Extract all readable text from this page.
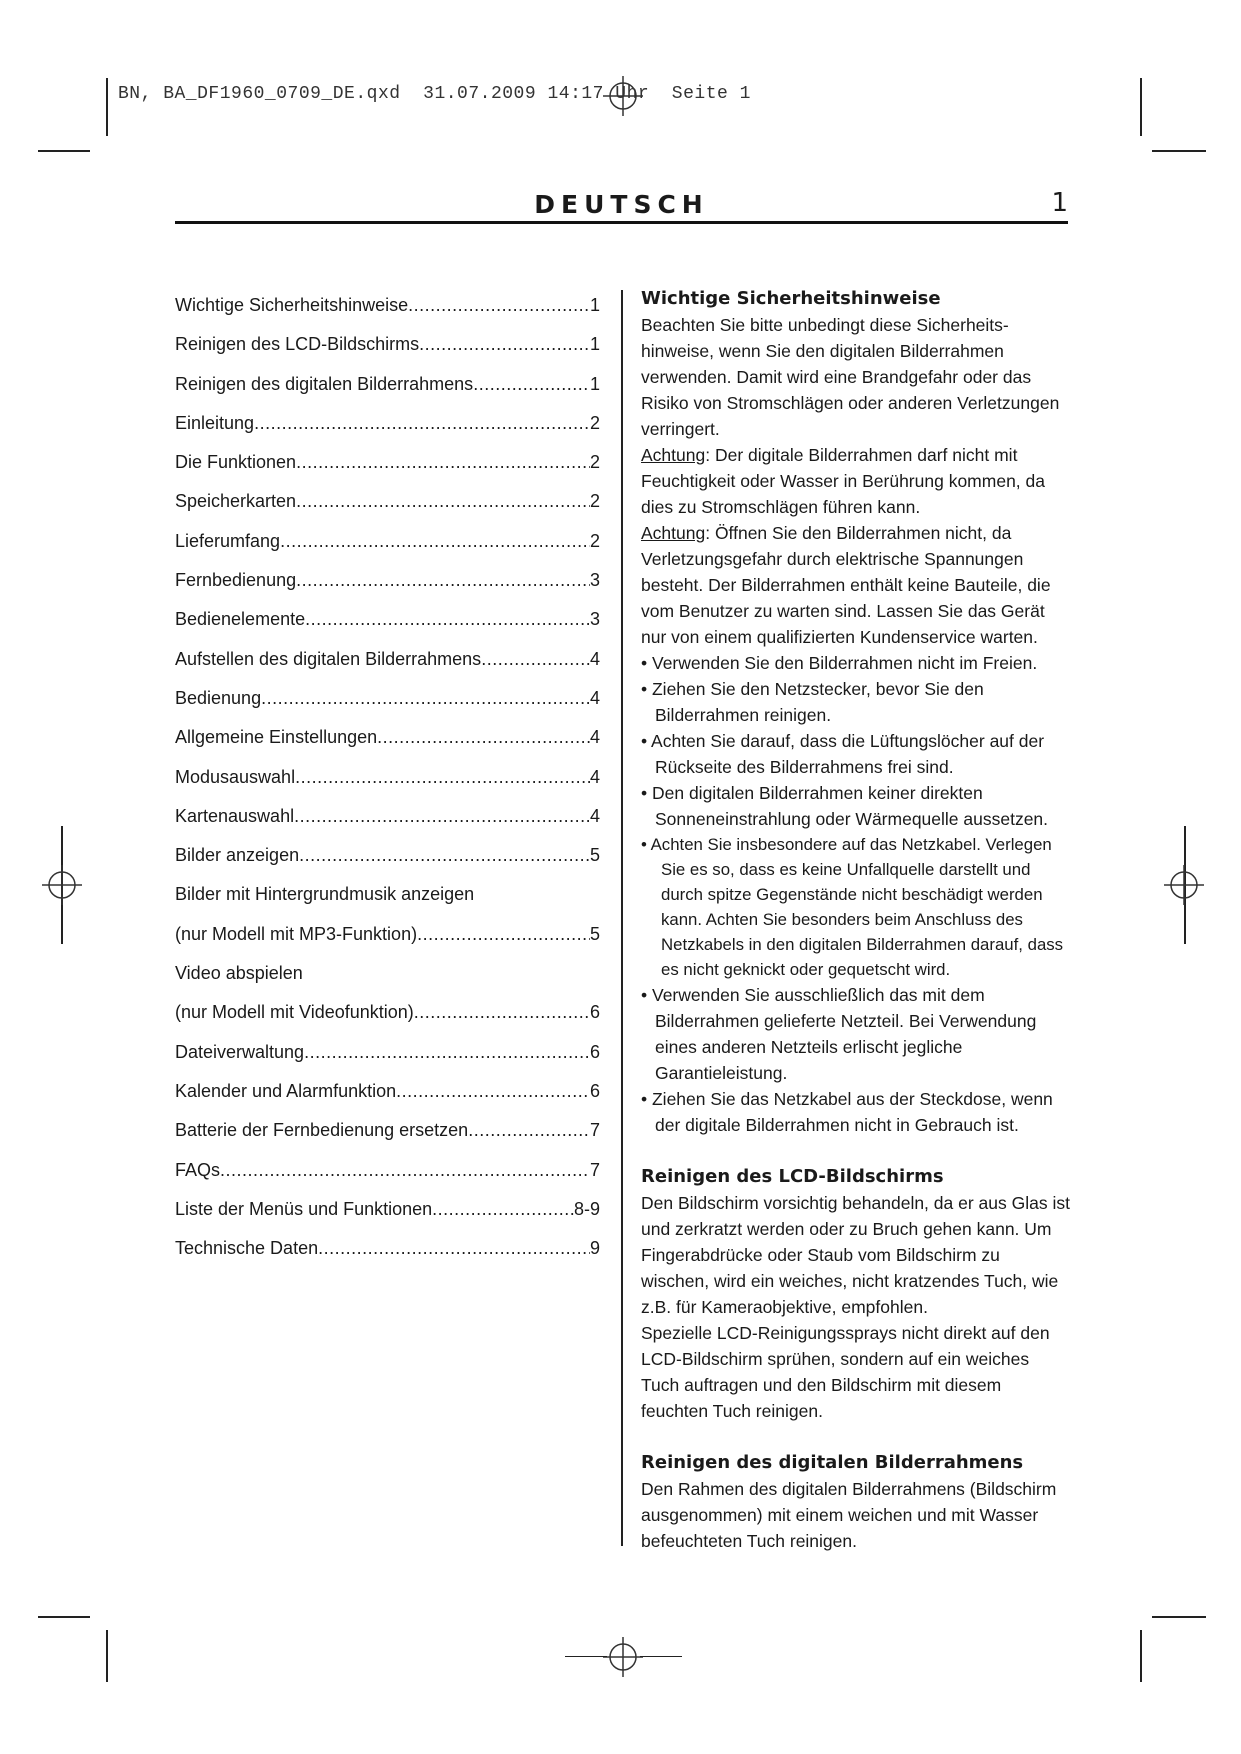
BN, BA_DF1960_0709_DE.qxd  31.07.2009 14:17 Uhr  Seite 1
DEUTSCH	1
Wichtige Sicherheitshinweise .....	1
Reinigen des LCD-Bildschirms .....	1
Reinigen des digitalen Bilderrahmens .....	1
Einleitung .....	2
Die Funktionen .....	2
Speicherkarten .....	2
Lieferumfang .....	2
Fernbedienung .....	3
Bedienelemente .....	3
Aufstellen des digitalen Bilderrahmens .....	4
Bedienung .....	4
Allgemeine Einstellungen .....	4
Modusauswahl .....	4
Kartenauswahl .....	4
Bilder anzeigen .....	5
Bilder mit Hintergrundmusik anzeigen
(nur Modell mit MP3-Funktion) .....	5
Video abspielen
(nur Modell mit Videofunktion) .....	6
Dateiverwaltung .....	6
Kalender und Alarmfunktion .....	6
Batterie der Fernbedienung ersetzen .....	7
FAQs .....	7
Liste der Menüs und Funktionen .....	8-9
Technische Daten .....	9
Wichtige Sicherheitshinweise

Beachten Sie bitte unbedingt diese Sicherheits-hinweise, wenn Sie den digitalen Bilderrahmen verwenden. Damit wird eine Brandgefahr oder das Risiko von Stromschlägen oder anderen Verletzungen verringert.

Achtung: Der digitale Bilderrahmen darf nicht mit Feuchtigkeit oder Wasser in Berührung kommen, da dies zu Stromschlägen führen kann.

Achtung: Öffnen Sie den Bilderrahmen nicht, da Verletzungsgefahr durch elektrische Spannungen besteht. Der Bilderrahmen enthält keine Bauteile, die vom Benutzer zu warten sind. Lassen Sie das Gerät nur von einem qualifizierten Kundenservice warten.

• Verwenden Sie den Bilderrahmen nicht im Freien.

• Ziehen Sie den Netzstecker, bevor Sie den Bilderrahmen reinigen.

• Achten Sie darauf, dass die Lüftungslöcher auf der Rückseite des Bilderrahmens frei sind.

• Den digitalen Bilderrahmen keiner direkten Sonneneinstrahlung oder Wärmequelle aussetzen.

• Achten Sie insbesondere auf das Netzkabel. Verlegen Sie es so, dass es keine Unfallquelle darstellt und durch spitze Gegenstände nicht beschädigt werden kann. Achten Sie besonders beim Anschluss des Netzkabels in den digitalen Bilderrahmen darauf, dass es nicht geknickt oder gequetscht wird.

• Verwenden Sie ausschließlich das mit dem Bilderrahmen gelieferte Netzteil. Bei Verwendung eines anderen Netzteils erlischt jegliche Garantieleistung.

• Ziehen Sie das Netzkabel aus der Steckdose, wenn der digitale Bilderrahmen nicht in Gebrauch ist.

Reinigen des LCD-Bildschirms

Den Bildschirm vorsichtig behandeln, da er aus Glas ist und zerkratzt werden oder zu Bruch gehen kann. Um Fingerabdrücke oder Staub vom Bildschirm zu wischen, wird ein weiches, nicht kratzendes Tuch, wie z.B. für Kameraobjektive, empfohlen.

Spezielle LCD-Reinigungssprays nicht direkt auf den LCD-Bildschirm sprühen, sondern auf ein weiches Tuch auftragen und den Bildschirm mit diesem feuchten Tuch reinigen.

Reinigen des digitalen Bilderrahmens

Den Rahmen des digitalen Bilderrahmens (Bildschirm ausgenommen) mit einem weichen und mit Wasser befeuchteten Tuch reinigen.
